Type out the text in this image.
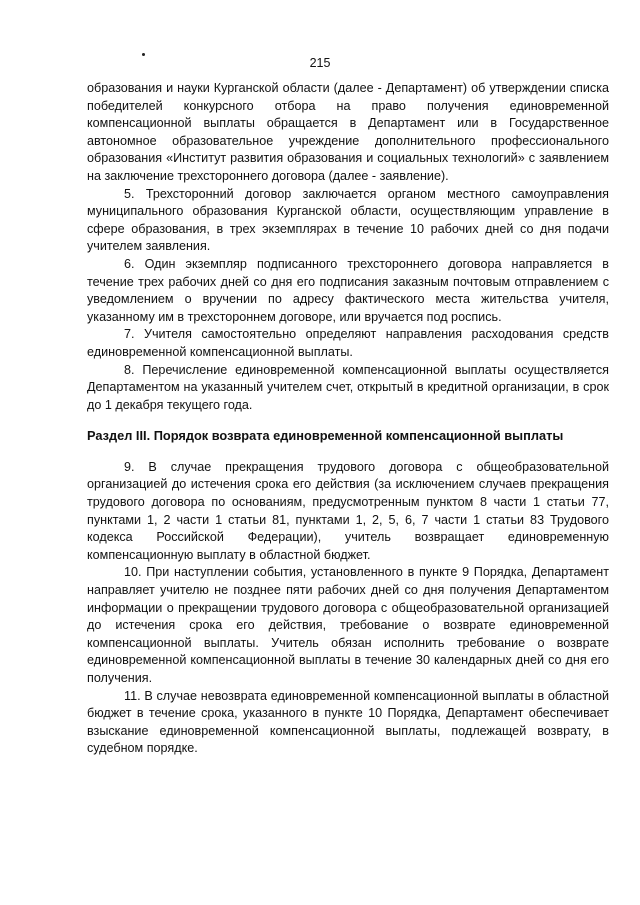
215

образования и науки Курганской области (далее - Департамент) об утверждении списка победителей конкурсного отбора на право получения единовременной компенсационной выплаты обращается в Департамент или в Государственное автономное образовательное учреждение дополнительного профессионального образования «Институт развития образования и социальных технологий» с заявлением на заключение трехстороннего договора (далее - заявление).

5. Трехсторонний договор заключается органом местного самоуправления муниципального образования Курганской области, осуществляющим управление в сфере образования, в трех экземплярах в течение 10 рабочих дней со дня подачи учителем заявления.

6. Один экземпляр подписанного трехстороннего договора направляется в течение трех рабочих дней со дня его подписания заказным почтовым отправлением с уведомлением о вручении по адресу фактического места жительства учителя, указанному им в трехстороннем договоре, или вручается под роспись.

7. Учителя самостоятельно определяют направления расходования средств единовременной компенсационной выплаты.

8. Перечисление единовременной компенсационной выплаты осуществляется Департаментом на указанный учителем счет, открытый в кредитной организации, в срок до 1 декабря текущего года.

Раздел III. Порядок возврата единовременной компенсационной выплаты

9. В случае прекращения трудового договора с общеобразовательной организацией до истечения срока его действия (за исключением случаев прекращения трудового договора по основаниям, предусмотренным пунктом 8 части 1 статьи 77, пунктами 1, 2 части 1 статьи 81, пунктами 1, 2, 5, 6, 7 части 1 статьи 83 Трудового кодекса Российской Федерации), учитель возвращает единовременную компенсационную выплату в областной бюджет.

10. При наступлении события, установленного в пункте 9 Порядка, Департамент направляет учителю не позднее пяти рабочих дней со дня получения Департаментом информации о прекращении трудового договора с общеобразовательной организацией до истечения срока его действия, требование о возврате единовременной компенсационной выплаты. Учитель обязан исполнить требование о возврате единовременной компенсационной выплаты в течение 30 календарных дней со дня его получения.

11. В случае невозврата единовременной компенсационной выплаты в областной бюджет в течение срока, указанного в пункте 10 Порядка, Департамент обеспечивает взыскание единовременной компенсационной выплаты, подлежащей возврату, в судебном порядке.
